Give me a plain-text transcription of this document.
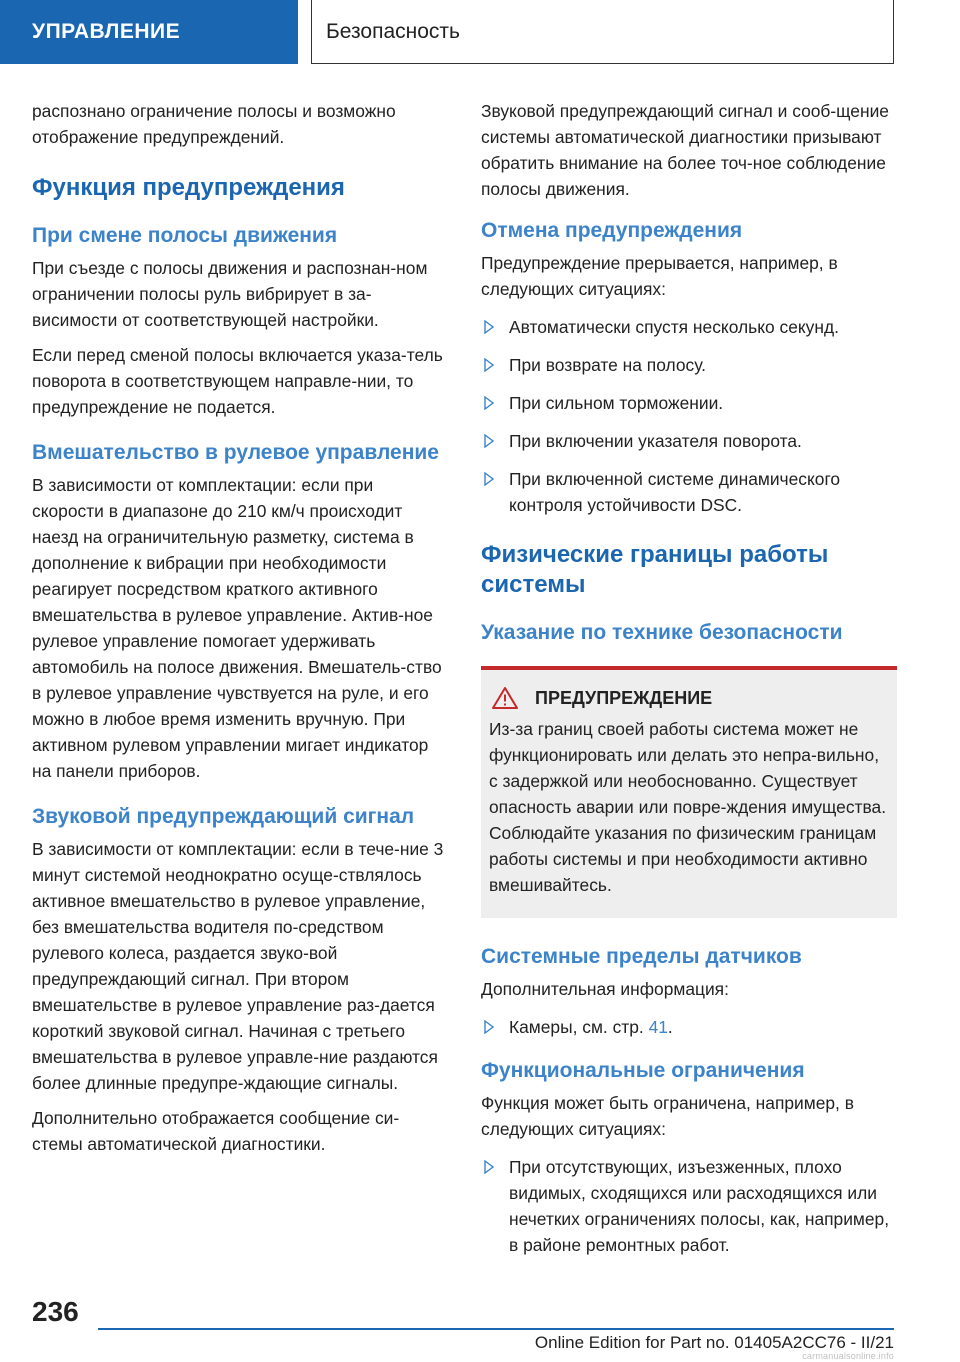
УПРАВЛЕНИЕ	Безопасность

распознано ограничение полосы и возможно отображение предупреждений.

Функция предупреждения
При смене полосы движения

При съезде с полосы движения и распознан-ном ограничении полосы руль вибрирует в за-висимости от соответствующей настройки.

Если перед сменой полосы включается указа-тель поворота в соответствующем направле-нии, то предупреждение не подается.

Вмешательство в рулевое управление

В зависимости от комплектации: если при скорости в диапазоне до 210 км/ч происходит наезд на ограничительную разметку, система в дополнение к вибрации при необходимости реагирует посредством краткого активного вмешательства в рулевое управление. Актив-ное рулевое управление помогает удерживать автомобиль на полосе движения. Вмешатель-ство в рулевое управление чувствуется на руле, и его можно в любое время изменить вручную. При активном рулевом управлении мигает индикатор на панели приборов.

Звуковой предупреждающий сигнал

В зависимости от комплектации: если в тече-ние 3 минут системой неоднократно осуще-ствлялось активное вмешательство в рулевое управление, без вмешательства водителя по-средством рулевого колеса, раздается звуко-вой предупреждающий сигнал. При втором вмешательстве в рулевое управление раз-дается короткий звуковой сигнал. Начиная с третьего вмешательства в рулевое управле-ние раздаются более длинные предупре-ждающие сигналы.

Дополнительно отображается сообщение си-стемы автоматической диагностики.

Звуковой предупреждающий сигнал и сооб-щение системы автоматической диагностики призывают обратить внимание на более точ-ное соблюдение полосы движения.

Отмена предупреждения

Предупреждение прерывается, например, в следующих ситуациях:

Автоматически спустя несколько секунд.
При возврате на полосу.
При сильном торможении.
При включении указателя поворота.
При включенной системе динамического контроля устойчивости DSC.
Физические границы работы системы
Указание по технике безопасности
ПРЕДУПРЕЖДЕНИЕ

Из-за границ своей работы система может не функционировать или делать это непра-вильно, с задержкой или необоснованно. Существует опасность аварии или повре-ждения имущества. Соблюдайте указания по физическим границам работы системы и при необходимости активно вмешивайтесь.

Системные пределы датчиков

Дополнительная информация:

Камеры, см. стр. 41.
Функциональные ограничения

Функция может быть ограничена, например, в следующих ситуациях:

При отсутствующих, изъезженных, плохо видимых, сходящихся или расходящихся или нечетких ограничениях полосы, как, например, в районе ремонтных работ.
236
Online Edition for Part no. 01405A2CC76 - II/21
carmanualsonline.info
